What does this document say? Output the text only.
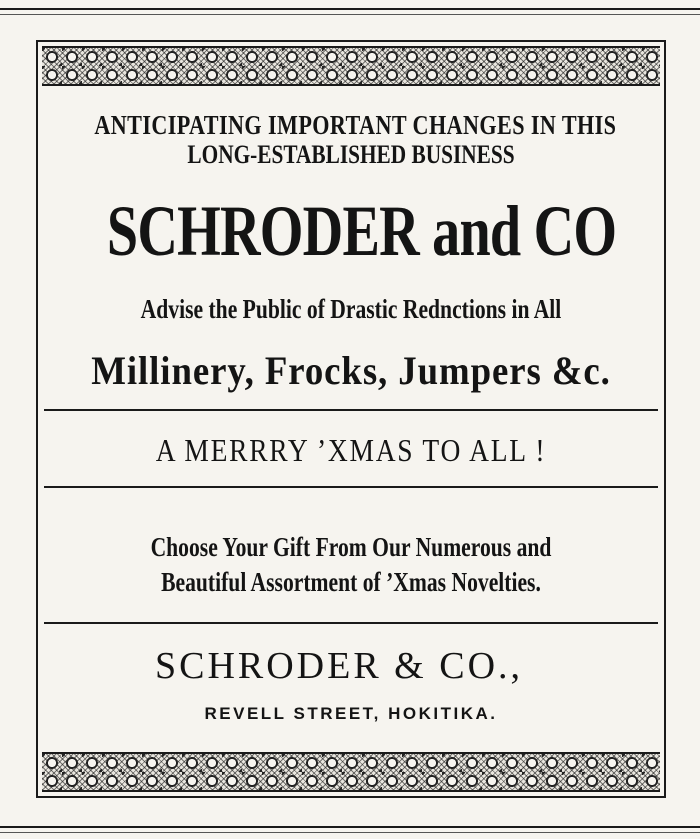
ANTICIPATING IMPORTANT CHANGES IN THIS
LONG-ESTABLISHED BUSINESS
SCHRODER and CO
Advise the Public of Drastic Rednctions in All
Millinery, Frocks, Jumpers &c.
A MERRRY ’XMAS TO ALL !
Choose Your Gift From Our Numerous and
Beautiful Assortment of ’Xmas Novelties.
SCHRODER & CO.,
REVELL STREET, HOKITIKA.
